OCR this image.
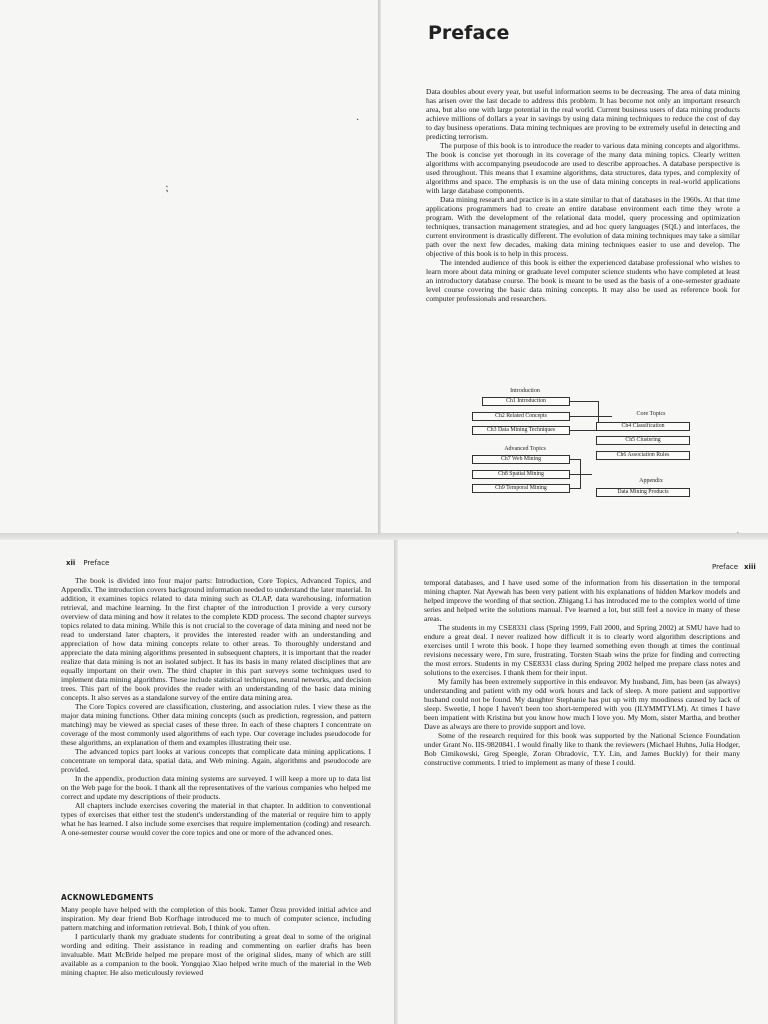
⁏
·
Preface

Data doubles about every year, but useful information seems to be decreasing. The area of data mining has arisen over the last decade to address this problem. It has become not only an important research area, but also one with large potential in the real world. Current business users of data mining products achieve millions of dollars a year in savings by using data mining techniques to reduce the cost of day to day business operations. Data mining techniques are proving to be extremely useful in detecting and predicting terrorism.

The purpose of this book is to introduce the reader to various data mining concepts and algorithms. The book is concise yet thorough in its coverage of the many data mining topics. Clearly written algorithms with accompanying pseudocode are used to describe approaches. A database perspective is used throughout. This means that I examine algorithms, data structures, data types, and complexity of algorithms and space. The emphasis is on the use of data mining concepts in real-world applications with large database components.

Data mining research and practice is in a state similar to that of databases in the 1960s. At that time applications programmers had to create an entire database environment each time they wrote a program. With the development of the relational data model, query processing and optimization techniques, transaction management strategies, and ad hoc query languages (SQL) and interfaces, the current environment is drastically different. The evolution of data mining techniques may take a similar path over the next few decades, making data mining techniques easier to use and develop. The objective of this book is to help in this process.

The intended audience of this book is either the experienced database professional who wishes to learn more about data mining or graduate level computer science students who have completed at least an introductory database course. The book is meant to be used as the basis of a one-semester graduate level course covering the basic data mining concepts. It may also be used as reference book for computer professionals and researchers.

Introduction
Ch1 Introduction
Ch2 Related Concepts
Ch3 Data Mining Techniques
Advanced Topics
Ch7 Web Mining
Ch8 Spatial Mining
Ch9 Temporal Mining
Core Topics
Ch4 Classification
Ch5 Clustering
Ch6 Association Rules
Appendix
Data Mining Products
xii Preface

The book is divided into four major parts: Introduction, Core Topics, Advanced Topics, and Appendix. The introduction covers background information needed to understand the later material. In addition, it examines topics related to data mining such as OLAP, data warehousing, information retrieval, and machine learning. In the first chapter of the introduction I provide a very cursory overview of data mining and how it relates to the complete KDD process. The second chapter surveys topics related to data mining. While this is not crucial to the coverage of data mining and need not be read to understand later chapters, it provides the interested reader with an understanding and appreciation of how data mining concepts relate to other areas. To thoroughly understand and appreciate the data mining algorithms presented in subsequent chapters, it is important that the reader realize that data mining is not an isolated subject. It has its basis in many related disciplines that are equally important on their own. The third chapter in this part surveys some techniques used to implement data mining algorithms. These include statistical techniques, neural networks, and decision trees. This part of the book provides the reader with an understanding of the basic data mining concepts. It also serves as a standalone survey of the entire data mining area.

The Core Topics covered are classification, clustering, and association rules. I view these as the major data mining functions. Other data mining concepts (such as prediction, regression, and pattern matching) may be viewed as special cases of these three. In each of these chapters I concentrate on coverage of the most commonly used algorithms of each type. Our coverage includes pseudocode for these algorithms, an explanation of them and examples illustrating their use.

The advanced topics part looks at various concepts that complicate data mining applications. I concentrate on temporal data, spatial data, and Web mining. Again, algorithms and pseudocode are provided.

In the appendix, production data mining systems are surveyed. I will keep a more up to data list on the Web page for the book. I thank all the representatives of the various companies who helped me correct and update my descriptions of their products.

All chapters include exercises covering the material in that chapter. In addition to conventional types of exercises that either test the student's understanding of the material or require him to apply what he has learned. I also include some exercises that require implementation (coding) and research. A one-semester course would cover the core topics and one or more of the advanced ones.

ACKNOWLEDGMENTS

Many people have helped with the completion of this book. Tamer Özsu provided initial advice and inspiration. My dear friend Bob Korfhage introduced me to much of computer science, including pattern matching and information retrieval. Bob, I think of you often.

I particularly thank my graduate students for contributing a great deal to some of the original wording and editing. Their assistance in reading and commenting on earlier drafts has been invaluable. Matt McBride helped me prepare most of the original slides, many of which are still available as a companion to the book. Yongqiao Xiao helped write much of the material in the Web mining chapter. He also meticulously reviewed

Preface xiii

temporal databases, and I have used some of the information from his dissertation in the temporal mining chapter. Nat Ayewah has been very patient with his explanations of hidden Markov models and helped improve the wording of that section. Zhigang Li has introduced me to the complex world of time series and helped write the solutions manual. I've learned a lot, but still feel a novice in many of these areas.

The students in my CSE8331 class (Spring 1999, Fall 2000, and Spring 2002) at SMU have had to endure a great deal. I never realized how difficult it is to clearly word algorithm descriptions and exercises until I wrote this book. I hope they learned something even though at times the continual revisions necessary were, I'm sure, frustrating. Torsten Staab wins the prize for finding and correcting the most errors. Students in my CSE8331 class during Spring 2002 helped me prepare class notes and solutions to the exercises. I thank them for their input.

My family has been extremely supportive in this endeavor. My husband, Jim, has been (as always) understanding and patient with my odd work hours and lack of sleep. A more patient and supportive husband could not be found. My daughter Stephanie has put up with my moodiness caused by lack of sleep. Sweetie, I hope I haven't been too short-tempered with you (ILYMMTYLM). At times I have been impatient with Kristina but you know how much I love you. My Mom, sister Martha, and brother Dave as always are there to provide support and love.

Some of the research required for this book was supported by the National Science Foundation under Grant No. IIS-9820841. I would finally like to thank the reviewers (Michael Huhns, Julia Hodger, Bob Cimikowski, Greg Speegle, Zoran Obradovic, T.Y. Lin, and James Buckly) for their many constructive comments. I tried to implement as many of these I could.
